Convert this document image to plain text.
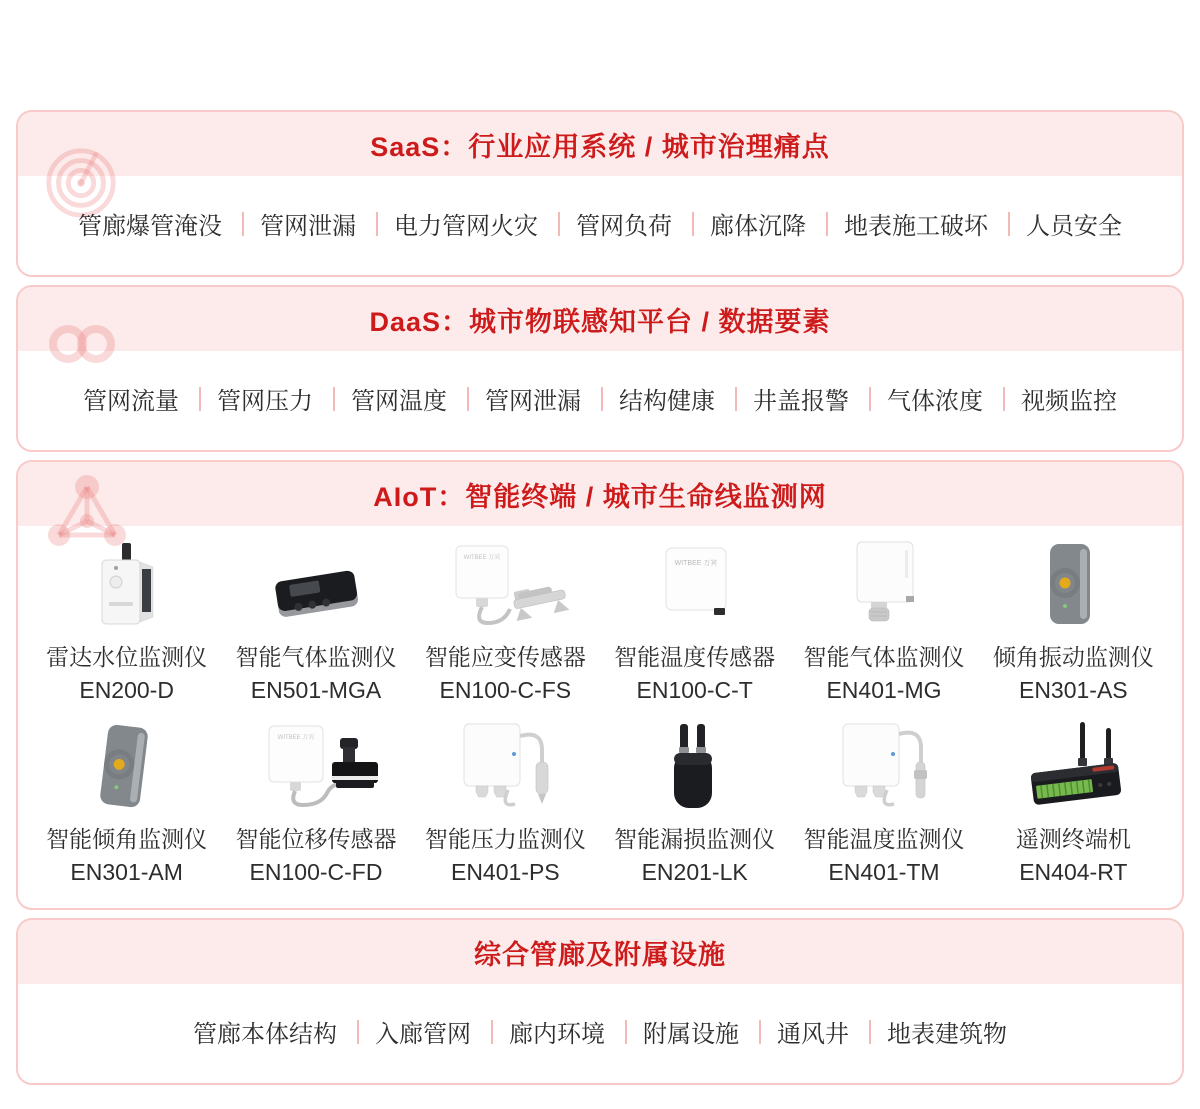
SaaS：行业应用系统 / 城市治理痛点
管廊爆管淹没 管网泄漏 电力管网火灾 管网负荷 廊体沉降 地表施工破坏 人员安全
DaaS：城市物联感知平台 / 数据要素
管网流量 管网压力 管网温度 管网泄漏 结构健康 井盖报警 气体浓度 视频监控
AIoT：智能终端 / 城市生命线监测网
雷达水位监测仪
EN200-D
智能气体监测仪
EN501-MGA
WITBEE 万宾
智能应变传感器
EN100-C-FS
WITBEE 万宾
智能温度传感器
EN100-C-T
智能气体监测仪
EN401-MG
倾角振动监测仪
EN301-AS
智能倾角监测仪
EN301-AM
WITBEE 万宾
智能位移传感器
EN100-C-FD
智能压力监测仪
EN401-PS
智能漏损监测仪
EN201-LK
智能温度监测仪
EN401-TM
遥测终端机
EN404-RT
综合管廊及附属设施
管廊本体结构 入廊管网 廊内环境 附属设施 通风井 地表建筑物
